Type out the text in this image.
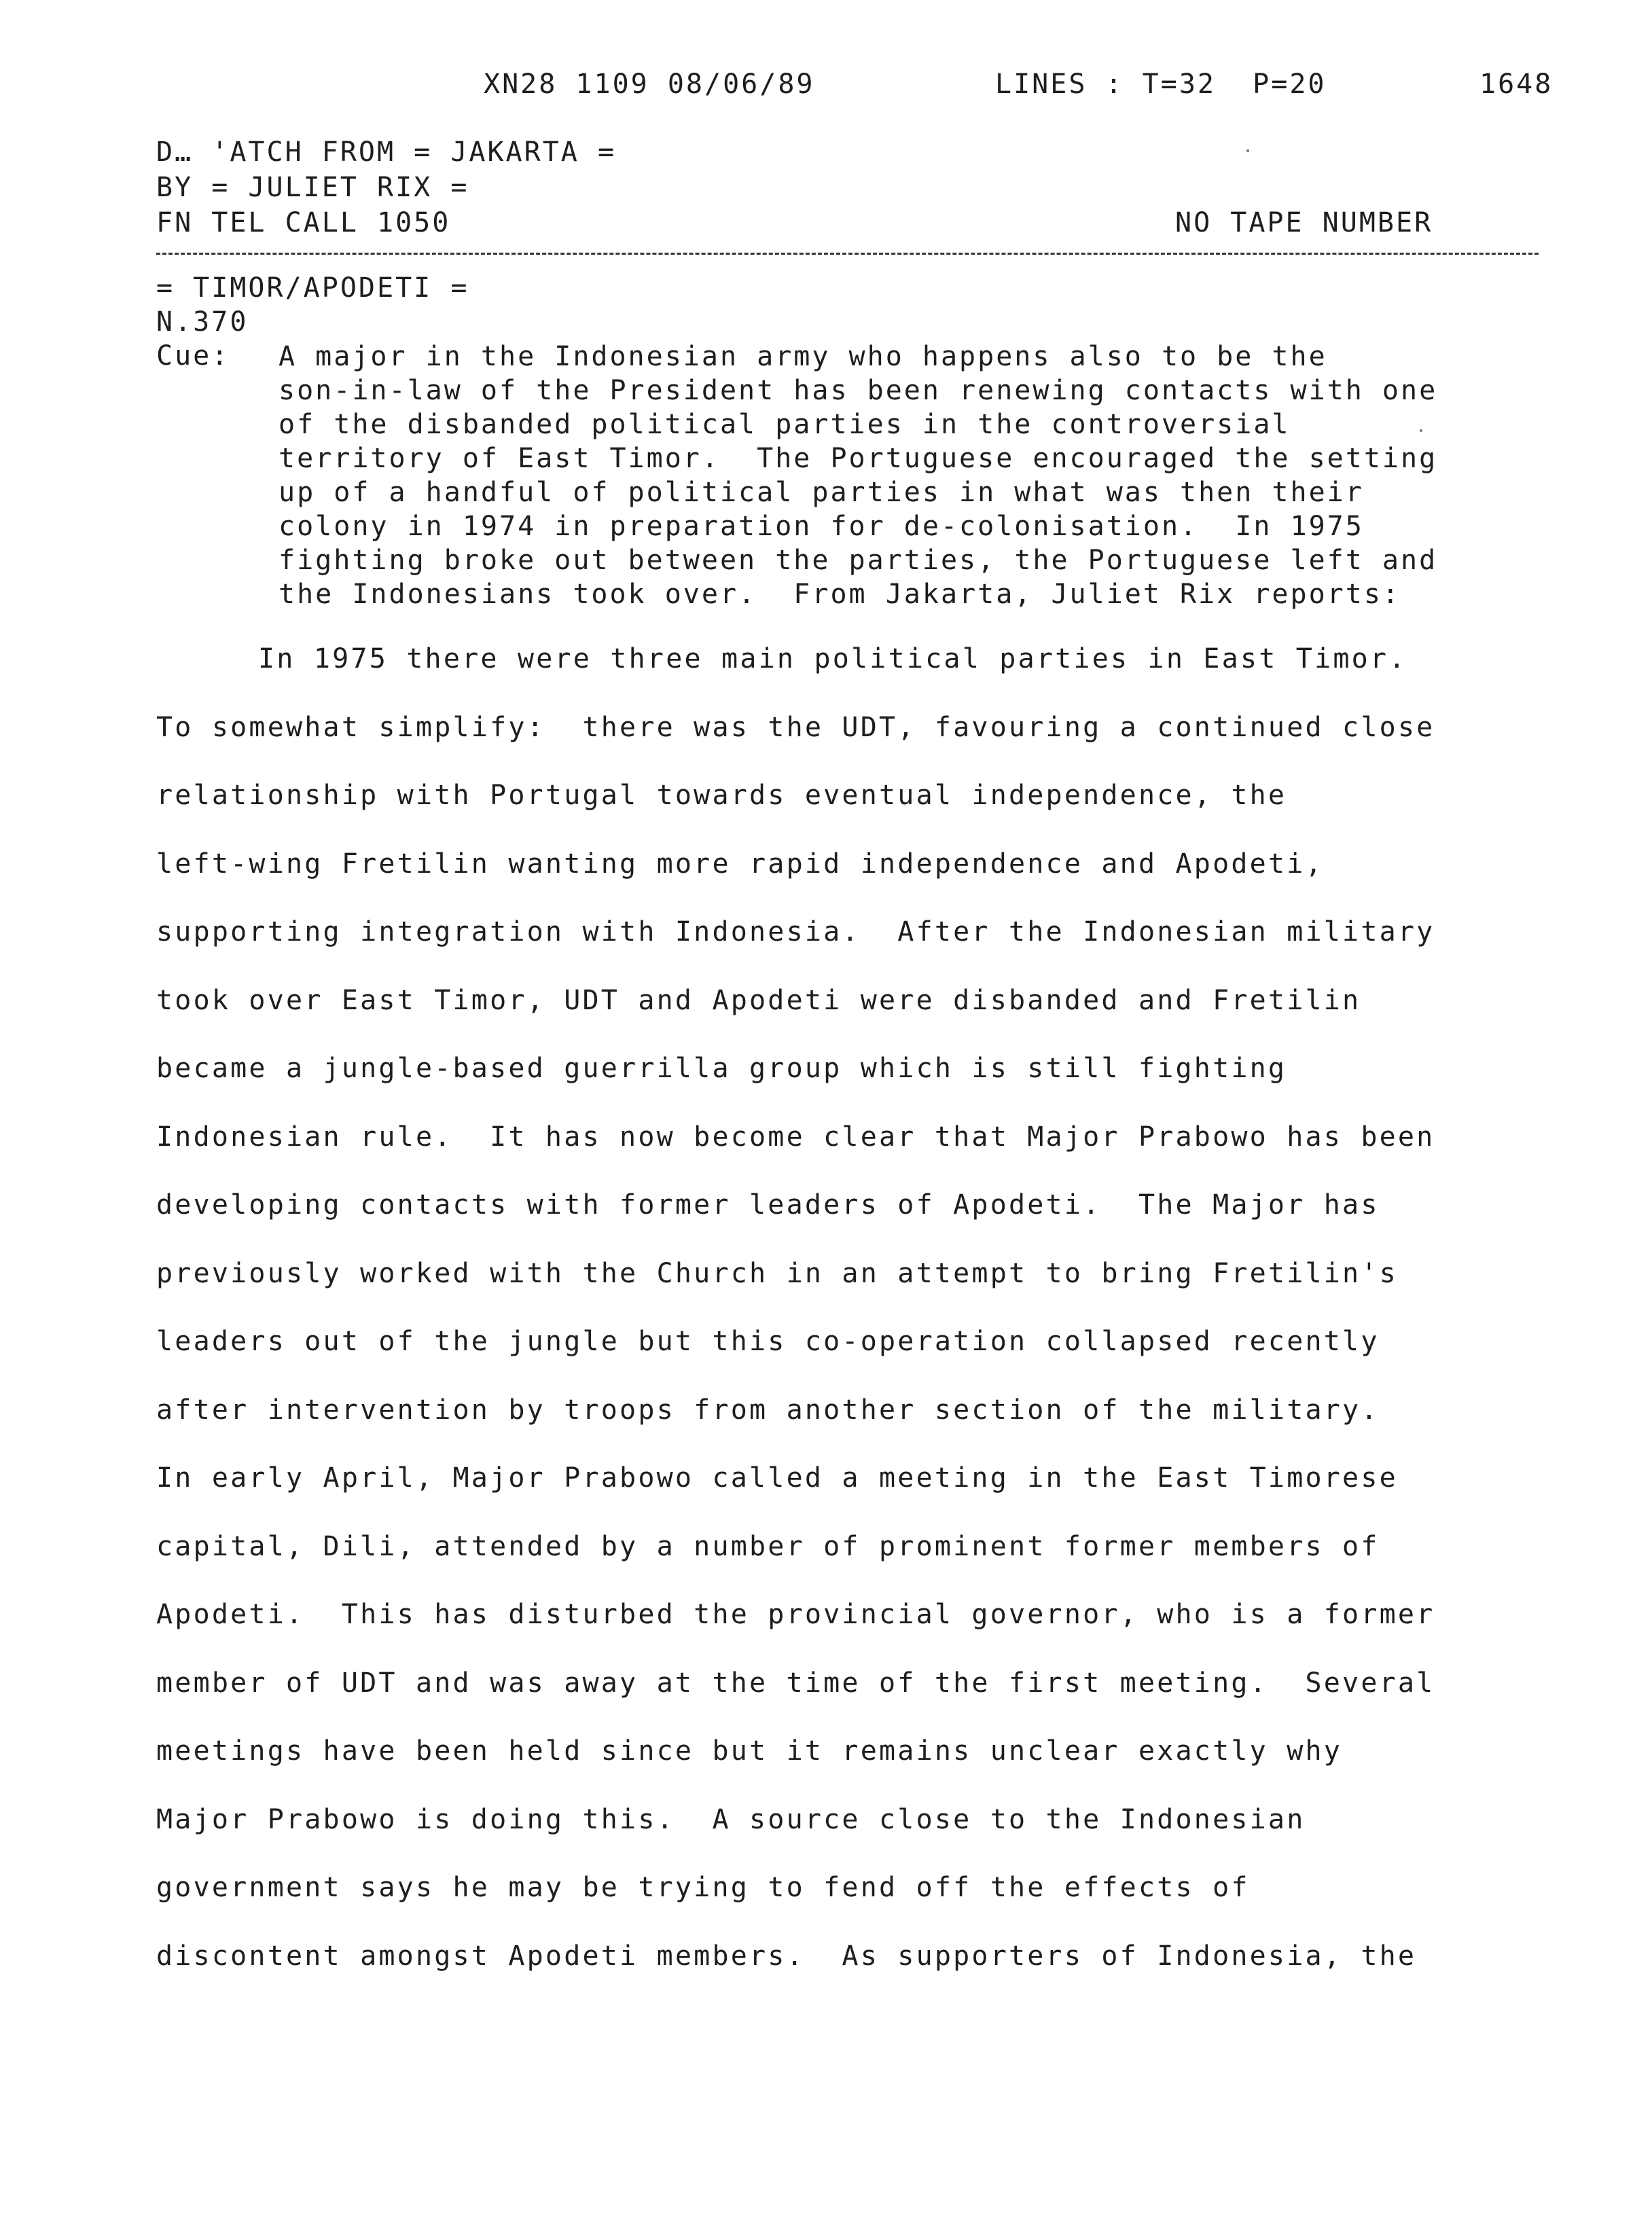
XN28 1109 08/06/89	LINES : T=32  P=20	1648
D… 'ATCH FROM = JAKARTA =
BY = JULIET RIX =
FN TEL CALL 1050	NO TAPE NUMBER
= TIMOR/APODETI =
N.370
Cue: A major in the Indonesian army who happens also to be the
son-in-law of the President has been renewing contacts with one
of the disbanded political parties in the controversial
territory of East Timor.  The Portuguese encouraged the setting
up of a handful of political parties in what was then their
colony in 1974 in preparation for de-colonisation.  In 1975
fighting broke out between the parties, the Portuguese left and
the Indonesians took over.  From Jakarta, Juliet Rix reports:
In 1975 there were three main political parties in East Timor.
To somewhat simplify:  there was the UDT, favouring a continued close
relationship with Portugal towards eventual independence, the
left-wing Fretilin wanting more rapid independence and Apodeti,
supporting integration with Indonesia.  After the Indonesian military
took over East Timor, UDT and Apodeti were disbanded and Fretilin
became a jungle-based guerrilla group which is still fighting
Indonesian rule.  It has now become clear that Major Prabowo has been
developing contacts with former leaders of Apodeti.  The Major has
previously worked with the Church in an attempt to bring Fretilin's
leaders out of the jungle but this co-operation collapsed recently
after intervention by troops from another section of the military.
In early April, Major Prabowo called a meeting in the East Timorese
capital, Dili, attended by a number of prominent former members of
Apodeti.  This has disturbed the provincial governor, who is a former
member of UDT and was away at the time of the first meeting.  Several
meetings have been held since but it remains unclear exactly why
Major Prabowo is doing this.  A source close to the Indonesian
government says he may be trying to fend off the effects of
discontent amongst Apodeti members.  As supporters of Indonesia, the
